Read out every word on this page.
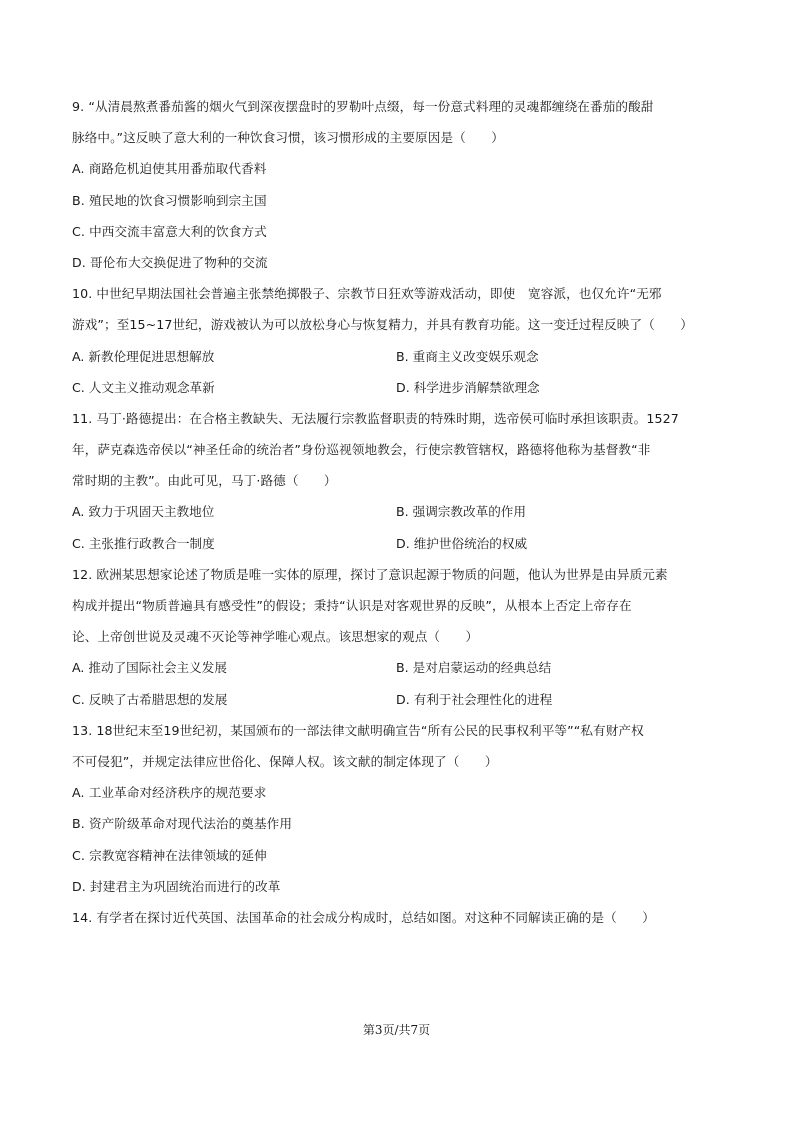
9. “从清晨熬煮番茄酱的烟火气到深夜摆盘时的罗勒叶点缀，每一份意式料理的灵魂都缠绕在番茄的酸甜
脉络中。”这反映了意大利的一种饮食习惯，该习惯形成的主要原因是（　　）
A. 商路危机迫使其用番茄取代香料
B. 殖民地的饮食习惯影响到宗主国
C. 中西交流丰富意大利的饮食方式
D. 哥伦布大交换促进了物种的交流
10. 中世纪早期法国社会普遍主张禁绝掷骰子、宗教节日狂欢等游戏活动，即使　宽容派，也仅允许“无邪
游戏”；至15~17世纪，游戏被认为可以放松身心与恢复精力，并具有教育功能。这一变迁过程反映了（　　）
A. 新教伦理促进思想解放	B. 重商主义改变娱乐观念
C. 人文主义推动观念革新	D. 科学进步消解禁欲理念
11. 马丁·路德提出：在合格主教缺失、无法履行宗教监督职责的特殊时期，选帝侯可临时承担该职责。1527
年，萨克森选帝侯以“神圣任命的统治者”身份巡视领地教会，行使宗教管辖权，路德将他称为基督教“非
常时期的主教”。由此可见，马丁·路德（　　）
A. 致力于巩固天主教地位	B. 强调宗教改革的作用
C. 主张推行政教合一制度	D. 维护世俗统治的权威
12. 欧洲某思想家论述了物质是唯一实体的原理，探讨了意识起源于物质的问题，他认为世界是由异质元素
构成并提出“物质普遍具有感受性”的假设；秉持“认识是对客观世界的反映”，从根本上否定上帝存在
论、上帝创世说及灵魂不灭论等神学唯心观点。该思想家的观点（　　）
A. 推动了国际社会主义发展	B. 是对启蒙运动的经典总结
C. 反映了古希腊思想的发展	D. 有利于社会理性化的进程
13. 18世纪末至19世纪初，某国颁布的一部法律文献明确宣告“所有公民的民事权利平等”“私有财产权
不可侵犯”，并规定法律应世俗化、保障人权。该文献的制定体现了（　　）
A. 工业革命对经济秩序的规范要求
B. 资产阶级革命对现代法治的奠基作用
C. 宗教宽容精神在法律领域的延伸
D. 封建君主为巩固统治而进行的改革
14. 有学者在探讨近代英国、法国革命的社会成分构成时，总结如图。对这种不同解读正确的是（　　）
第3页/共7页
